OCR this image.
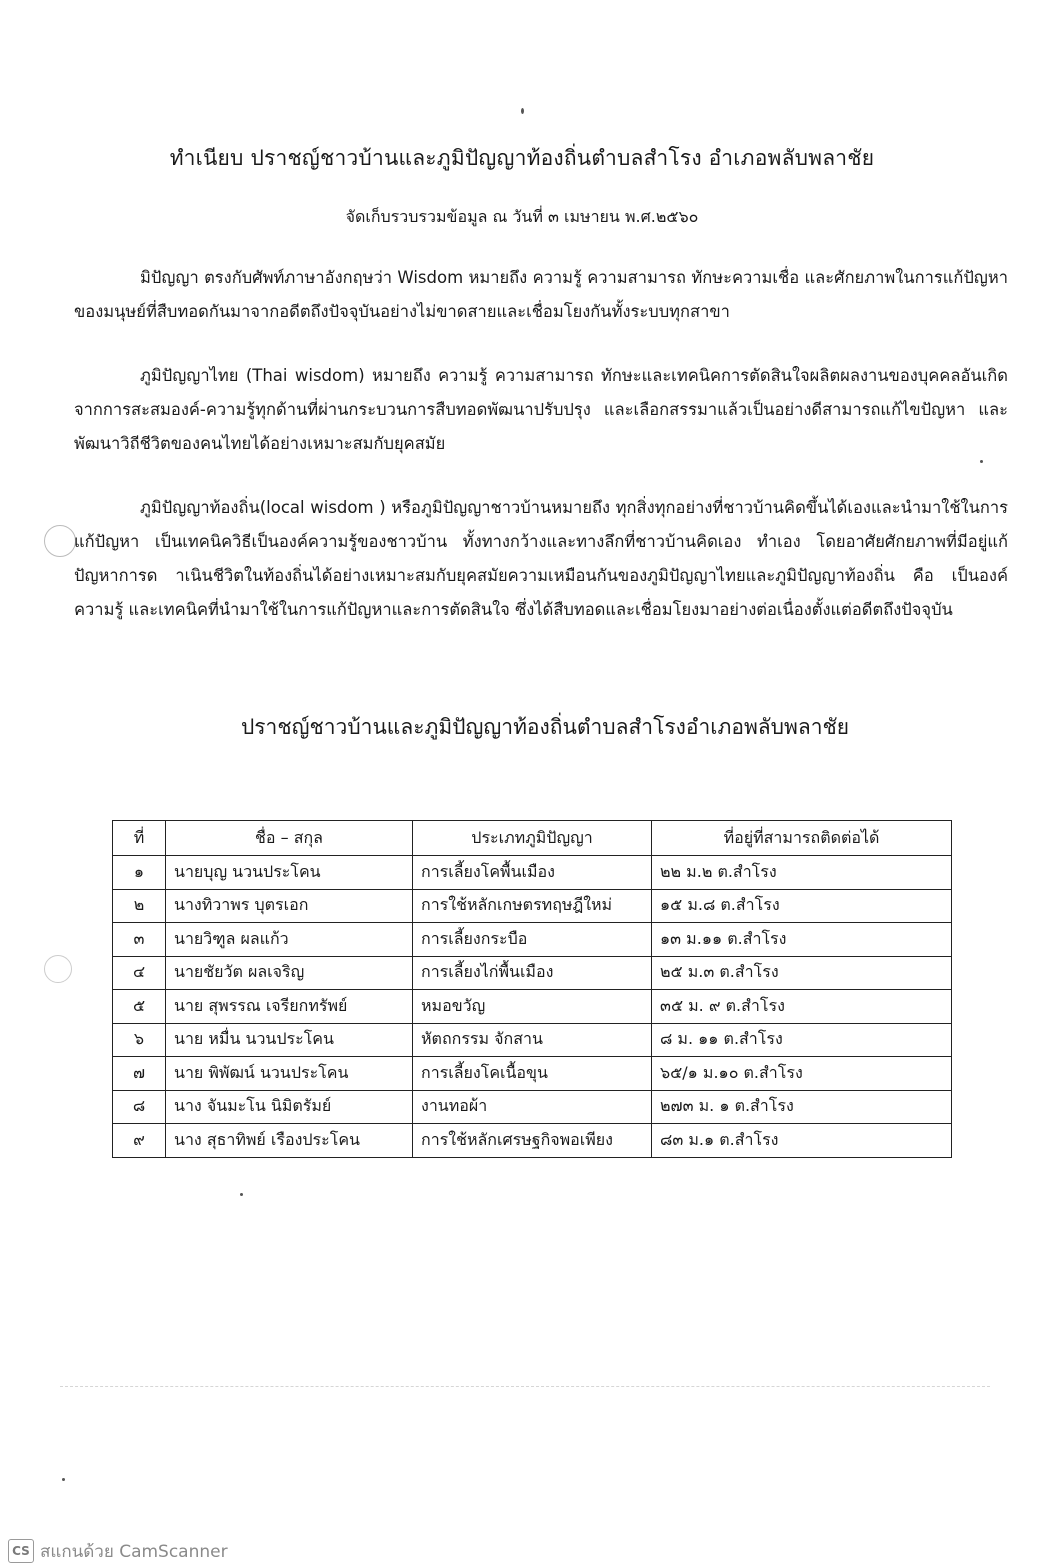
ทำเนียบ ปราชญ์ชาวบ้านและภูมิปัญญาท้องถิ่นตำบลสำโรง อำเภอพลับพลาชัย
จัดเก็บรวบรวมข้อมูล ณ วันที่ ๓ เมษายน พ.ศ.๒๕๖๐

มิปัญญา ตรงกับศัพท์ภาษาอังกฤษว่า Wisdom หมายถึง ความรู้ ความสามารถ ทักษะความเชื่อ และศักยภาพในการแก้ปัญหาของมนุษย์ที่สืบทอดกันมาจากอดีตถึงปัจจุบันอย่างไม่ขาดสายและเชื่อมโยงกันทั้งระบบทุกสาขา

ภูมิปัญญาไทย (Thai wisdom) หมายถึง ความรู้ ความสามารถ ทักษะและเทคนิคการตัดสินใจผลิตผลงานของบุคคลอันเกิดจากการสะสมองค์-ความรู้ทุกด้านที่ผ่านกระบวนการสืบทอดพัฒนาปรับปรุง และเลือกสรรมาแล้วเป็นอย่างดีสามารถแก้ไขปัญหา และพัฒนาวิถีชีวิตของคนไทยได้อย่างเหมาะสมกับยุคสมัย

ภูมิปัญญาท้องถิ่น(local wisdom ) หรือภูมิปัญญาชาวบ้านหมายถึง ทุกสิ่งทุกอย่างที่ชาวบ้านคิดขึ้นได้เองและนำมาใช้ในการแก้ปัญหา เป็นเทคนิควิธีเป็นองค์ความรู้ของชาวบ้าน ทั้งทางกว้างและทางลึกที่ชาวบ้านคิดเอง ทำเอง โดยอาศัยศักยภาพที่มีอยู่แก้ปัญหาการด าเนินชีวิตในท้องถิ่นได้อย่างเหมาะสมกับยุคสมัยความเหมือนกันของภูมิปัญญาไทยและภูมิปัญญาท้องถิ่น คือ เป็นองค์ความรู้ และเทคนิคที่นำมาใช้ในการแก้ปัญหาและการตัดสินใจ ซึ่งได้สืบทอดและเชื่อมโยงมาอย่างต่อเนื่องตั้งแต่อดีตถึงปัจจุบัน

ปราชญ์ชาวบ้านและภูมิปัญญาท้องถิ่นตำบลสำโรงอำเภอพลับพลาชัย
ที่	ชื่อ – สกุล	ประเภทภูมิปัญญา	ที่อยู่ที่สามารถติดต่อได้
๑	นายบุญ นวนประโคน	การเลี้ยงโคพื้นเมือง	๒๒ ม.๒ ต.สำโรง
๒	นางทิวาพร บุตรเอก	การใช้หลักเกษตรทฤษฎีใหม่	๑๕ ม.๘ ต.สำโรง
๓	นายวิฑูล ผลแก้ว	การเลี้ยงกระบือ	๑๓ ม.๑๑ ต.สำโรง
๔	นายชัยวัต ผลเจริญ	การเลี้ยงไก่พื้นเมือง	๒๕ ม.๓ ต.สำโรง
๕	นาย สุพรรณ เจรียกทรัพย์	หมอขวัญ	๓๕ ม. ๙ ต.สำโรง
๖	นาย หมื่น นวนประโคน	หัตถกรรม จักสาน	๘ ม. ๑๑ ต.สำโรง
๗	นาย พิพัฒน์ นวนประโคน	การเลี้ยงโคเนื้อขุน	๖๕/๑ ม.๑๐ ต.สำโรง
๘	นาง จันมะโน นิมิตรัมย์	งานทอผ้า	๒๗๓ ม. ๑ ต.สำโรง
๙	นาง สุธาทิพย์ เรืองประโคน	การใช้หลักเศรษฐกิจพอเพียง	๘๓ ม.๑ ต.สำโรง
CS สแกนด้วย CamScanner
